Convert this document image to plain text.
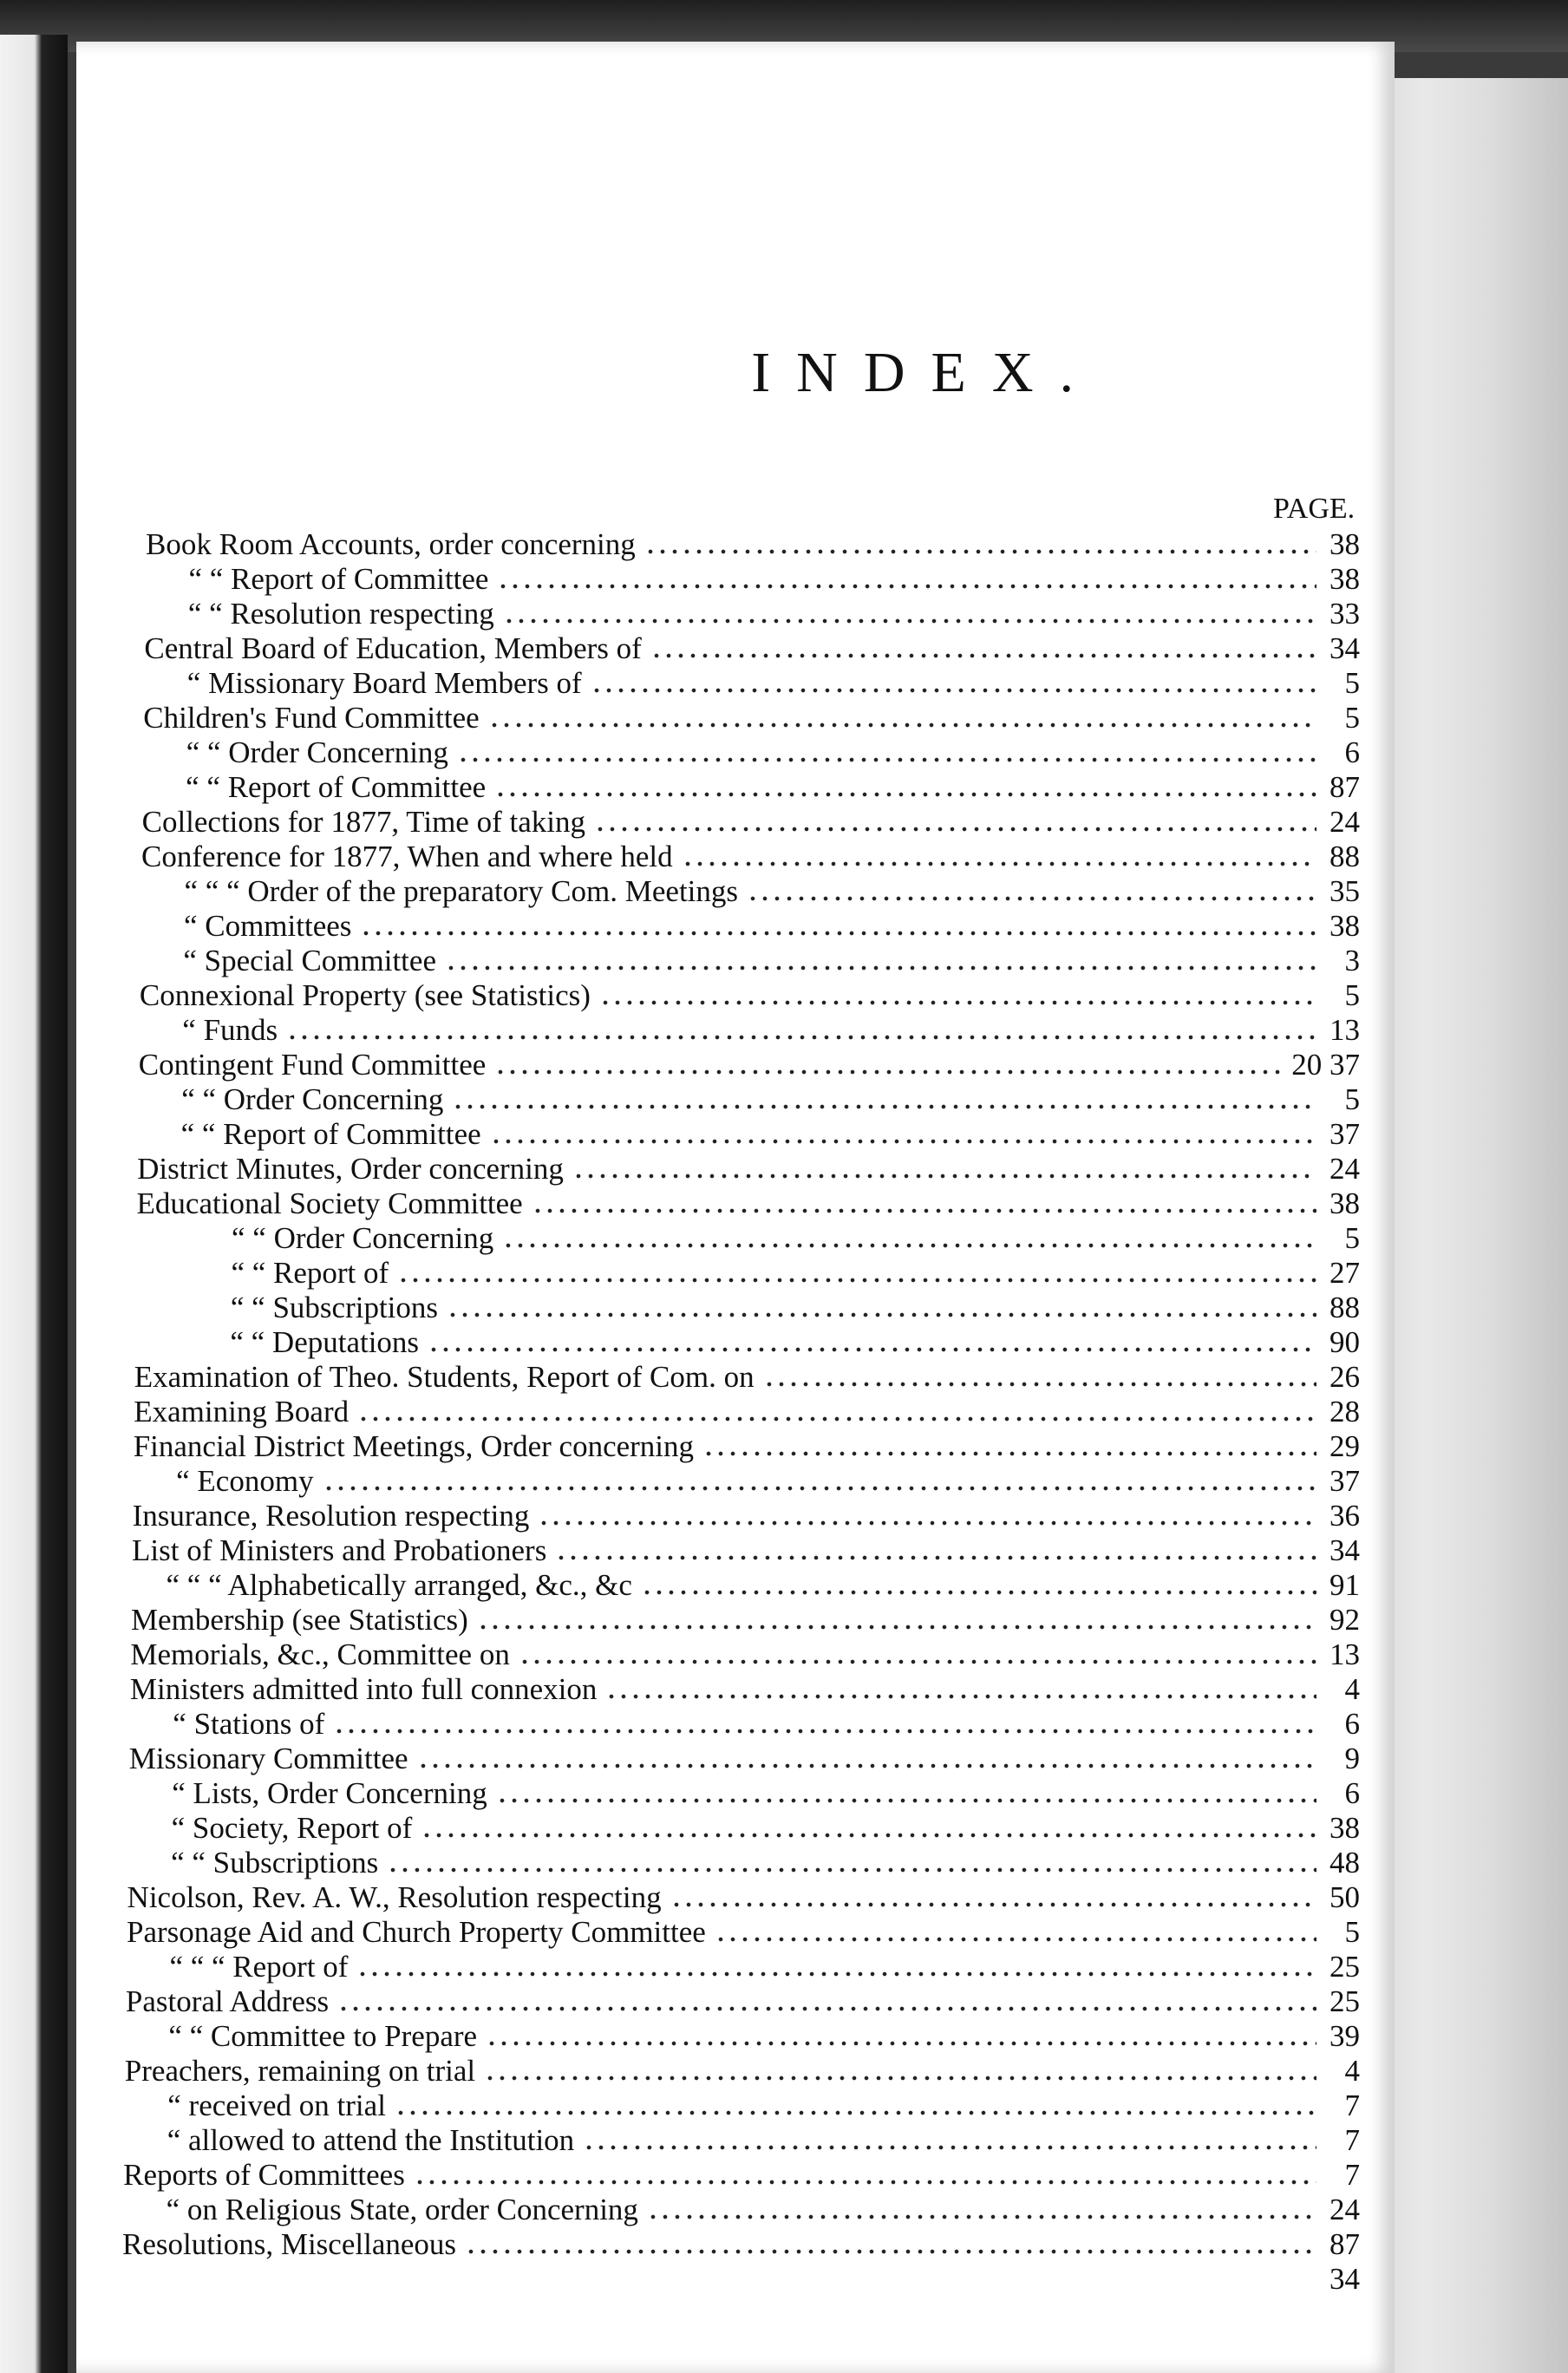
INDEX.
PAGE.
Book Room Accounts, order concerning	38
“ “ Report of Committee	38
“ “ Resolution respecting	33
Central Board of Education, Members of	34
“ Missionary Board Members of	5
Children's Fund Committee	5
“ “ Order Concerning	6
“ “ Report of Committee	87
Collections for 1877, Time of taking	24
Conference for 1877, When and where held	88
“ “ “ Order of the preparatory Com. Meetings	35
“ Committees	38
“ Special Committee	3
Connexional Property (see Statistics)	5
“ Funds	13
Contingent Fund Committee	20 37
“ “ Order Concerning	5
“ “ Report of Committee	37
District Minutes, Order concerning	24
Educational Society Committee	38
“ “ Order Concerning	5
“ “ Report of	27
“ “ Subscriptions	88
“ “ Deputations	90
Examination of Theo. Students, Report of Com. on	26
Examining Board	28
Financial District Meetings, Order concerning	29
“ Economy	37
Insurance, Resolution respecting	36
List of Ministers and Probationers	34
“ “ “ Alphabetically arranged, &c., &c	91
Membership (see Statistics)	92
Memorials, &c., Committee on	13
Ministers admitted into full connexion	4
“ Stations of	6
Missionary Committee	9
“ Lists, Order Concerning	6
“ Society, Report of	38
“ “ Subscriptions	48
Nicolson, Rev. A. W., Resolution respecting	50
Parsonage Aid and Church Property Committee	5
“ “ “ Report of	25
Pastoral Address	25
“ “ Committee to Prepare	39
Preachers, remaining on trial	4
“ received on trial	7
“ allowed to attend the Institution	7
Reports of Committees	7
“ on Religious State, order Concerning	24
Resolutions, Miscellaneous	87
34
